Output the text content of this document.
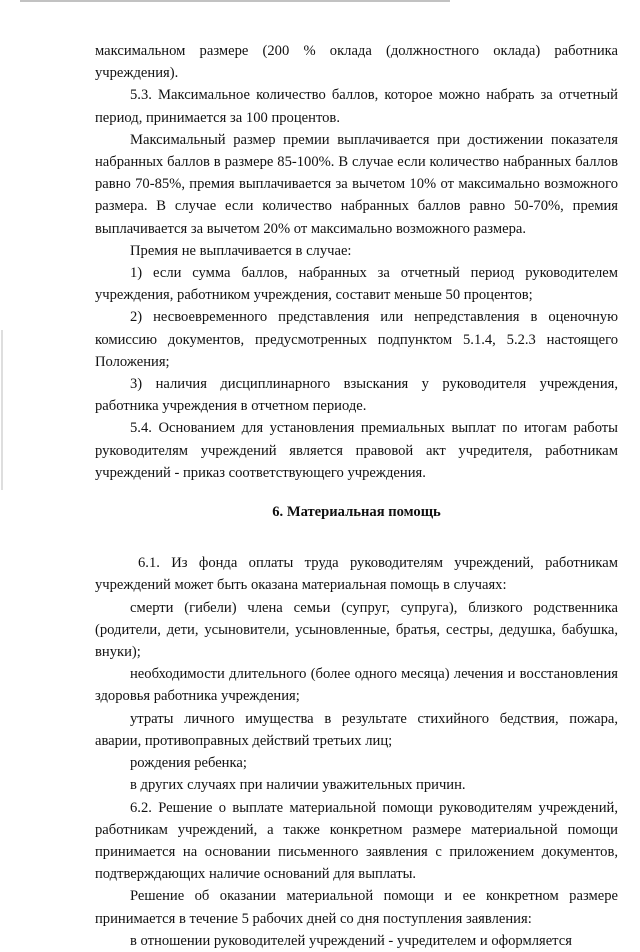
максимальном размере (200 % оклада (должностного оклада) работника учреждения).

5.3. Максимальное количество баллов, которое можно набрать за отчетный период, принимается за 100 процентов.

Максимальный размер премии выплачивается при достижении показателя набранных баллов в размере 85-100%. В случае если количество набранных баллов равно 70-85%, премия выплачивается за вычетом 10% от максимально возможного размера. В случае если количество набранных баллов равно 50-70%, премия выплачивается за вычетом 20% от максимально возможного размера.

Премия не выплачивается в случае:

1) если сумма баллов, набранных за отчетный период руководителем учреждения, работником учреждения, составит меньше 50 процентов;

2) несвоевременного представления или непредставления в оценочную комиссию документов, предусмотренных подпунктом 5.1.4, 5.2.3 настоящего Положения;

3) наличия дисциплинарного взыскания у руководителя учреждения, работника учреждения в отчетном периоде.

5.4. Основанием для установления премиальных выплат по итогам работы руководителям учреждений является правовой акт учредителя, работникам учреждений - приказ соответствующего учреждения.

6. Материальная помощь

6.1. Из фонда оплаты труда руководителям учреждений, работникам учреждений может быть оказана материальная помощь в случаях:

смерти (гибели) члена семьи (супруг, супруга), близкого родственника (родители, дети, усыновители, усыновленные, братья, сестры, дедушка, бабушка, внуки);

необходимости длительного (более одного месяца) лечения и восстановления здоровья работника учреждения;

утраты личного имущества в результате стихийного бедствия, пожара, аварии, противоправных действий третьих лиц;

рождения ребенка;

в других случаях при наличии уважительных причин.

6.2. Решение о выплате материальной помощи руководителям учреждений, работникам учреждений, а также конкретном размере материальной помощи принимается на основании письменного заявления с приложением документов, подтверждающих наличие оснований для выплаты.

Решение об оказании материальной помощи и ее конкретном размере принимается в течение 5 рабочих дней со дня поступления заявления:

в отношении руководителей учреждений - учредителем и оформляется
